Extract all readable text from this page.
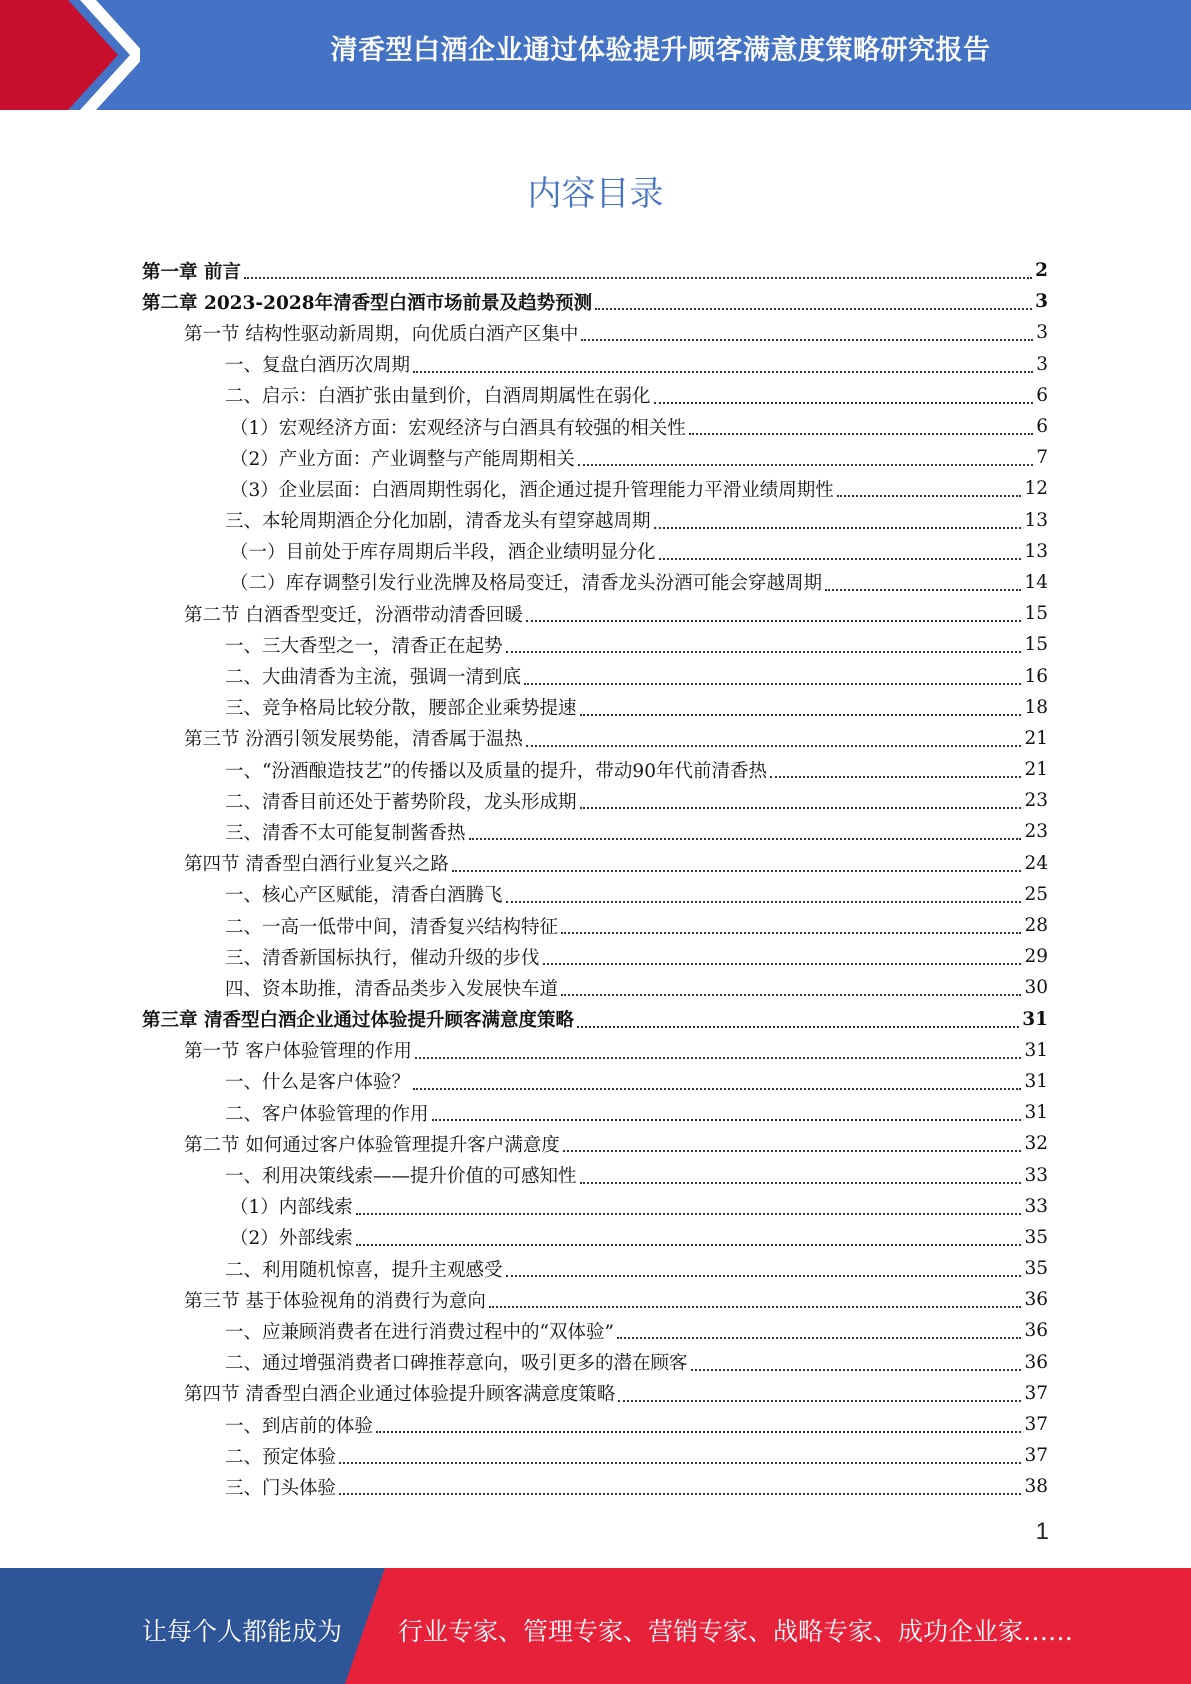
清香型白酒企业通过体验提升顾客满意度策略研究报告
内容目录
第一章 前言	2
第二章 2023-2028年清香型白酒市场前景及趋势预测	3
第一节 结构性驱动新周期，向优质白酒产区集中	3
一、复盘白酒历次周期	3
二、启示：白酒扩张由量到价，白酒周期属性在弱化	6
（1）宏观经济方面：宏观经济与白酒具有较强的相关性	6
（2）产业方面：产业调整与产能周期相关	7
（3）企业层面：白酒周期性弱化，酒企通过提升管理能力平滑业绩周期性	12
三、本轮周期酒企分化加剧，清香龙头有望穿越周期	13
（一）目前处于库存周期后半段，酒企业绩明显分化	13
（二）库存调整引发行业洗牌及格局变迁，清香龙头汾酒可能会穿越周期	14
第二节 白酒香型变迁，汾酒带动清香回暖	15
一、三大香型之一，清香正在起势	15
二、大曲清香为主流，强调一清到底	16
三、竞争格局比较分散，腰部企业乘势提速	18
第三节 汾酒引领发展势能，清香属于温热	21
一、“汾酒酿造技艺”的传播以及质量的提升，带动90年代前清香热	21
二、清香目前还处于蓄势阶段，龙头形成期	23
三、清香不太可能复制酱香热	23
第四节 清香型白酒行业复兴之路	24
一、核心产区赋能，清香白酒腾飞	25
二、一高一低带中间，清香复兴结构特征	28
三、清香新国标执行，催动升级的步伐	29
四、资本助推，清香品类步入发展快车道	30
第三章 清香型白酒企业通过体验提升顾客满意度策略	31
第一节 客户体验管理的作用	31
一、什么是客户体验？	31
二、客户体验管理的作用	31
第二节 如何通过客户体验管理提升客户满意度	32
一、利用决策线索——提升价值的可感知性	33
（1）内部线索	33
（2）外部线索	35
二、利用随机惊喜，提升主观感受	35
第三节 基于体验视角的消费行为意向	36
一、应兼顾消费者在进行消费过程中的“双体验”	36
二、通过增强消费者口碑推荐意向，吸引更多的潜在顾客	36
第四节 清香型白酒企业通过体验提升顾客满意度策略	37
一、到店前的体验	37
二、预定体验	37
三、门头体验	38
1
让每个人都能成为 行业专家、管理专家、营销专家、战略专家、成功企业家……
